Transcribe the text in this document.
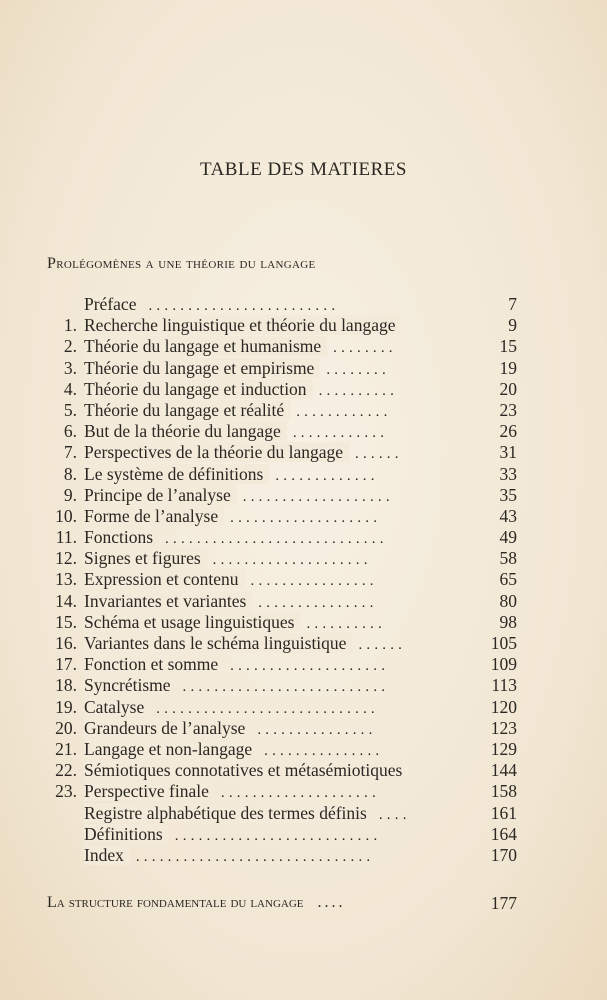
TABLE DES MATIERES
Prolégomènes a une théorie du langage
Préface ........................	7
1. Recherche linguistique et théorie du langage	9
2. Théorie du langage et humanisme ........	15
3. Théorie du langage et empirisme ........	19
4. Théorie du langage et induction ..........	20
5. Théorie du langage et réalité ............	23
6. But de la théorie du langage ............	26
7. Perspectives de la théorie du langage ......	31
8. Le système de définitions .............	33
9. Principe de l’analyse ...................	35
10. Forme de l’analyse ...................	43
11. Fonctions ............................	49
12. Signes et figures ....................	58
13. Expression et contenu ................	65
14. Invariantes et variantes ...............	80
15. Schéma et usage linguistiques ..........	98
16. Variantes dans le schéma linguistique ......	105
17. Fonction et somme ....................	109
18. Syncrétisme ..........................	113
19. Catalyse ............................	120
20. Grandeurs de l’analyse ...............	123
21. Langage et non-langage ...............	129
22. Sémiotiques connotatives et métasémiotiques	144
23. Perspective finale ....................	158
Registre alphabétique des termes définis ....	161
Définitions ..........................	164
Index ..............................	170
La structure fondamentale du langage ....	177
